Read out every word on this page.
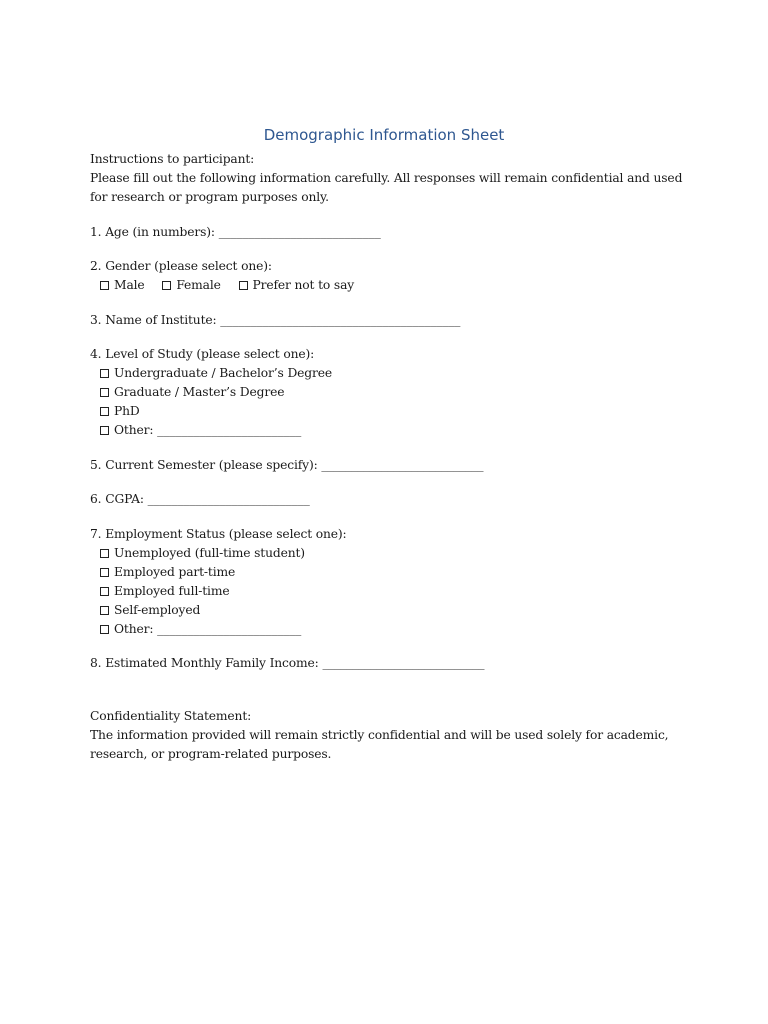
Demographic Information Sheet
Instructions to participant:
Please fill out the following information carefully. All responses will remain confidential and used for research or program purposes only.
1. Age (in numbers): ___________________________
2. Gender (please select one):
Male	Female	Prefer not to say
3. Name of Institute: ________________________________________
4. Level of Study (please select one):
Undergraduate / Bachelor’s Degree
Graduate / Master’s Degree
PhD
Other: ________________________
5. Current Semester (please specify): ___________________________
6. CGPA: ___________________________
7. Employment Status (please select one):
Unemployed (full-time student)
Employed part-time
Employed full-time
Self-employed
Other: ________________________
8. Estimated Monthly Family Income: ___________________________
Confidentiality Statement:
The information provided will remain strictly confidential and will be used solely for academic, research, or program-related purposes.
